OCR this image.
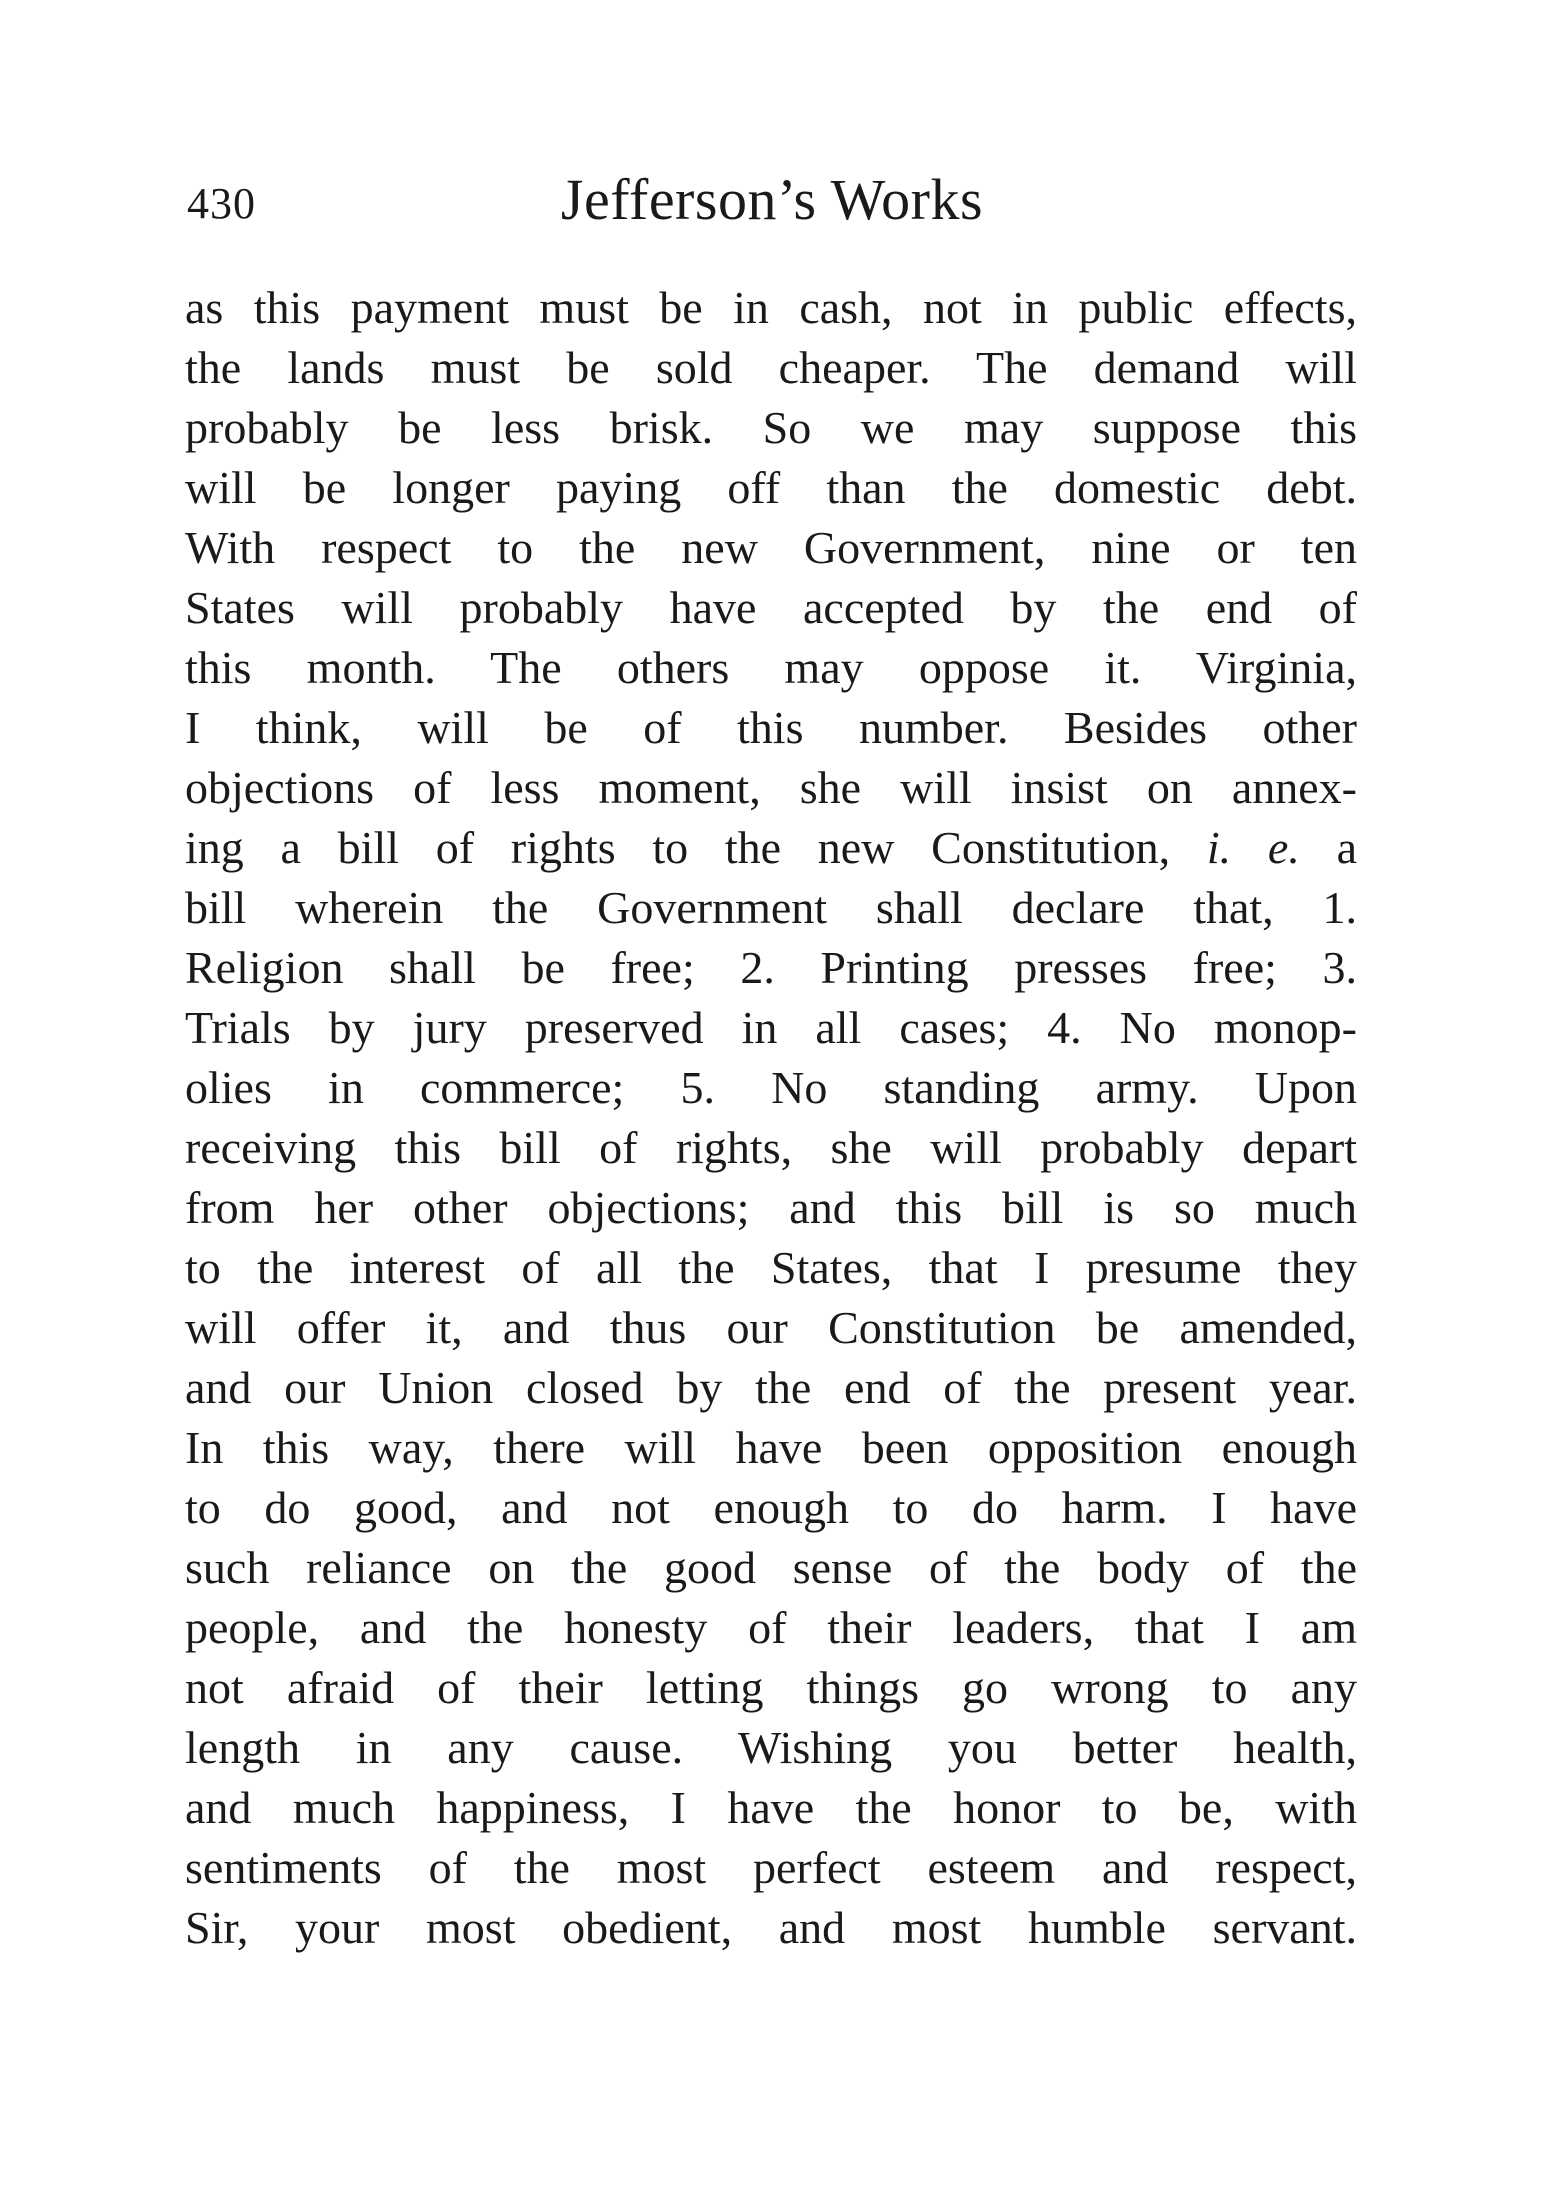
430	Jefferson’s Works
as this payment must be in cash, not in public effects,
the lands must be sold cheaper. The demand will
probably be less brisk. So we may suppose this
will be longer paying off than the domestic debt.
With respect to the new Government, nine or ten
States will probably have accepted by the end of
this month. The others may oppose it. Virginia,
I think, will be of this number. Besides other
objections of less moment, she will insist on annex-
ing a bill of rights to the new Constitution, i. e. a
bill wherein the Government shall declare that, 1.
Religion shall be free; 2. Printing presses free; 3.
Trials by jury preserved in all cases; 4. No monop-
olies in commerce; 5. No standing army. Upon
receiving this bill of rights, she will probably depart
from her other objections; and this bill is so much
to the interest of all the States, that I presume they
will offer it, and thus our Constitution be amended,
and our Union closed by the end of the present year.
In this way, there will have been opposition enough
to do good, and not enough to do harm. I have
such reliance on the good sense of the body of the
people, and the honesty of their leaders, that I am
not afraid of their letting things go wrong to any
length in any cause. Wishing you better health,
and much happiness, I have the honor to be, with
sentiments of the most perfect esteem and respect,
Sir, your most obedient, and most humble servant.
